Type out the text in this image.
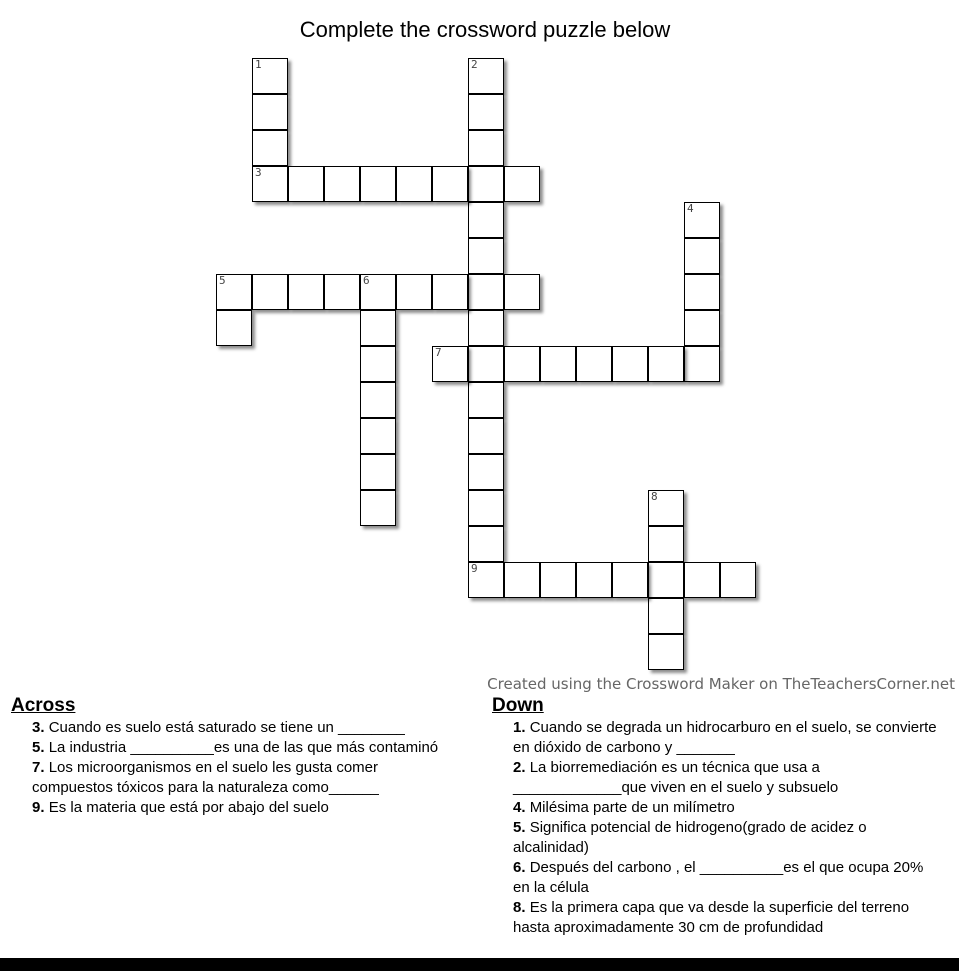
Complete the crossword puzzle below
1
3
2
4
5	6
7
8
9
Created using the Crossword Maker on TheTeachersCorner.net
Across
3. Cuando es suelo está saturado se tiene un ________
5. La industria __________es una de las que más contaminó
7. Los microorganismos en el suelo les gusta comer compuestos tóxicos para la naturaleza como______
9. Es la materia que está por abajo del suelo
Down
1. Cuando se degrada un hidrocarburo en el suelo, se convierte en dióxido de carbono y _______
2. La biorremediación es un técnica que usa a _____________que viven en el suelo y subsuelo
4. Milésima parte de un milímetro
5. Significa potencial de hidrogeno(grado de acidez o alcalinidad)
6. Después del carbono , el __________es el que ocupa 20% en la célula
8. Es la primera capa que va desde la superficie del terreno hasta aproximadamente 30 cm de profundidad
